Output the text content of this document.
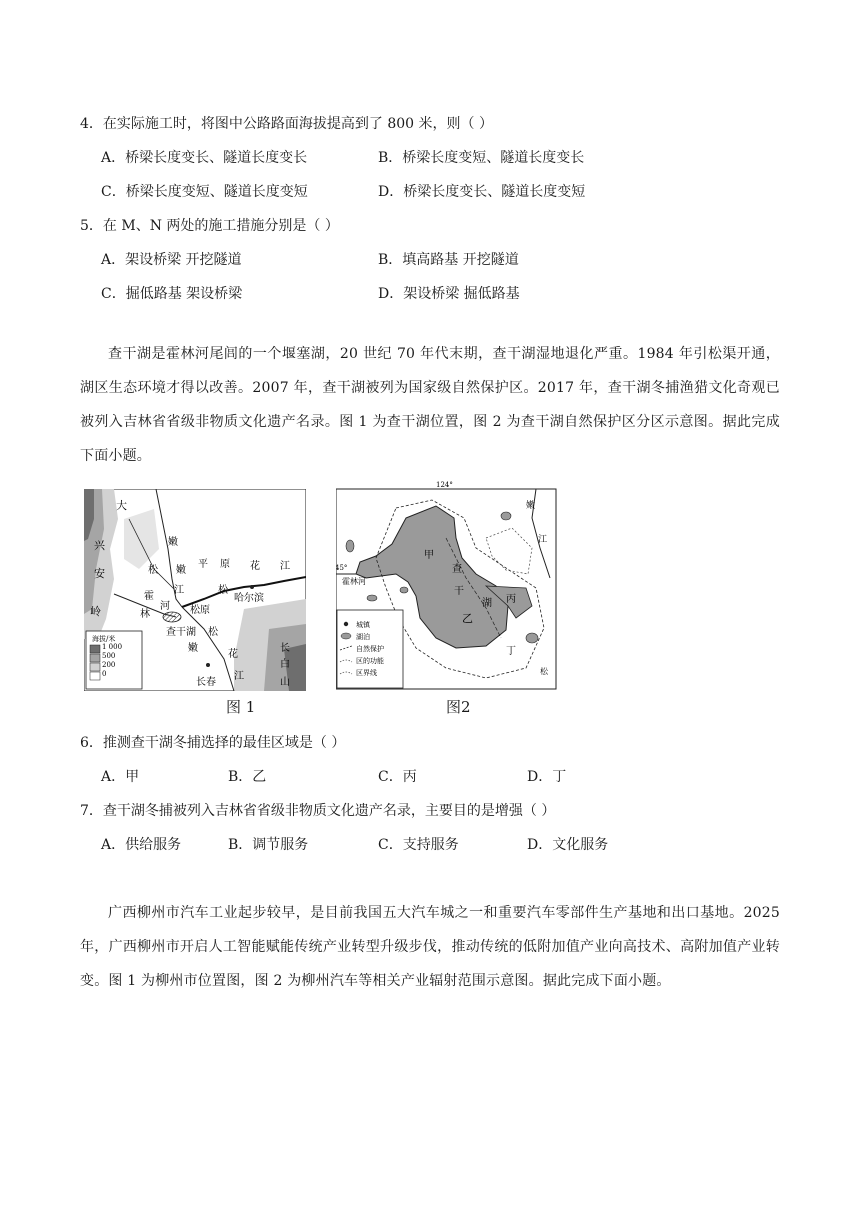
4．在实际施工时，将图中公路路面海拔提高到了 800 米，则（ ）
A．桥梁长度变长、隧道长度变长	B．桥梁长度变短、隧道长度变长
C．桥梁长度变短、隧道长度变短	D．桥梁长度变长、隧道长度变短
5．在 M、N 两处的施工措施分别是（ ）
A．架设桥梁 开挖隧道	B．填高路基 开挖隧道
C．掘低路基 架设桥梁	D．架设桥梁 掘低路基

查干湖是霍林河尾闾的一个堰塞湖，20 世纪 70 年代末期，查干湖湿地退化严重。1984 年引松渠开通，湖区生态环境才得以改善。2007 年，查干湖被列为国家级自然保护区。2017 年，查干湖冬捕渔猎文化奇观已被列入吉林省省级非物质文化遗产名录。图 1 为查干湖位置，图 2 为查干湖自然保护区分区示意图。据此完成下面小题。

大
兴
安
岭
嫩
松 嫩
平 原
江	松
花 江
哈尔滨
霍
林
河 松原
查干湖
嫩
松
花
江
长春
长
白
山
海拔/米
1 000
500
200
0
图 1
124°
45°
霍林河
甲
查
干
湖
乙
丙
丁
嫩
江
松
城镇
湖泊
自然保护
区的功能
区界线
图2
6．推测查干湖冬捕选择的最佳区域是（ ）
A．甲	B．乙	C．丙	D．丁
7．查干湖冬捕被列入吉林省省级非物质文化遗产名录，主要目的是增强（ ）
A．供给服务	B．调节服务	C．支持服务	D．文化服务

广西柳州市汽车工业起步较早，是目前我国五大汽车城之一和重要汽车零部件生产基地和出口基地。2025 年，广西柳州市开启人工智能赋能传统产业转型升级步伐，推动传统的低附加值产业向高技术、高附加值产业转变。图 1 为柳州市位置图，图 2 为柳州汽车等相关产业辐射范围示意图。据此完成下面小题。
